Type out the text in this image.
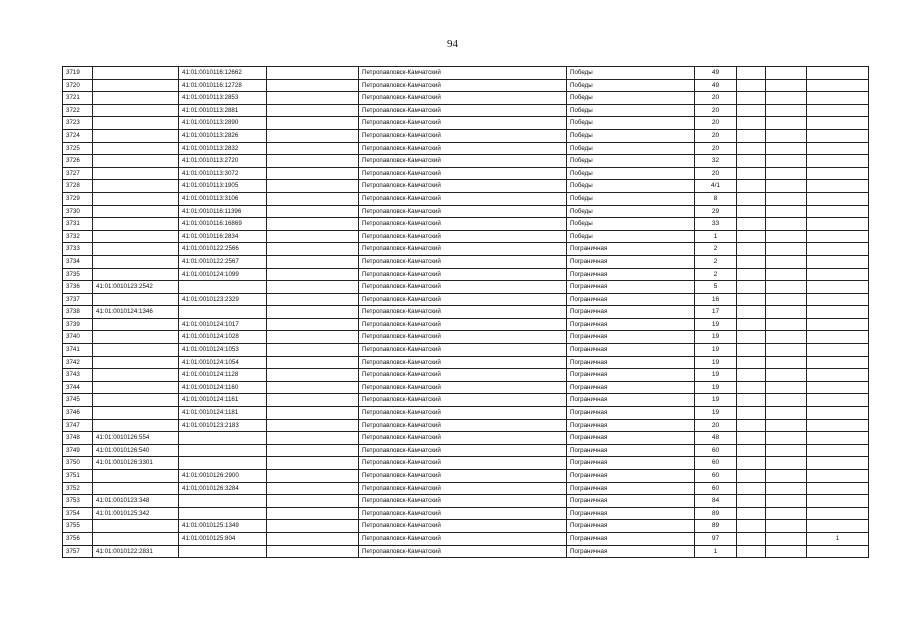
94
3719		41:01:0010116:12662		Петропавловск-Камчатский	Победы	49			
3720		41:01:0010116:12728		Петропавловск-Камчатский	Победы	49			
3721		41:01:0010113:2853		Петропавловск-Камчатский	Победы	20			
3722		41:01:0010113:2881		Петропавловск-Камчатский	Победы	20			
3723		41:01:0010113:2890		Петропавловск-Камчатский	Победы	20			
3724		41:01:0010113:2826		Петропавловск-Камчатский	Победы	20			
3725		41:01:0010113:2832		Петропавловск-Камчатский	Победы	20			
3726		41:01:0010113:2720		Петропавловск-Камчатский	Победы	32			
3727		41:01:0010113:3072		Петропавловск-Камчатский	Победы	20			
3728		41:01:0010113:1905		Петропавловск-Камчатский	Победы	4/1			
3729		41:01:0010113:3106		Петропавловск-Камчатский	Победы	8			
3730		41:01:0010116:11396		Петропавловск-Камчатский	Победы	29			
3731		41:01:0010116:16869		Петропавловск-Камчатский	Победы	33			
3732		41:01:0010116:2834		Петропавловск-Камчатский	Победы	1			
3733		41:01:0010122:2566		Петропавловск-Камчатский	Пограничная	2			
3734		41:01:0010122:2567		Петропавловск-Камчатский	Пограничная	2			
3735		41:01:0010124:1099		Петропавловск-Камчатский	Пограничная	2			
3736	41:01:0010123:2542			Петропавловск-Камчатский	Пограничная	5			
3737		41:01:0010123:2329		Петропавловск-Камчатский	Пограничная	16			
3738	41:01:0010124:1346			Петропавловск-Камчатский	Пограничная	17			
3739		41:01:0010124:1017		Петропавловск-Камчатский	Пограничная	19			
3740		41:01:0010124:1028		Петропавловск-Камчатский	Пограничная	19			
3741		41:01:0010124:1053		Петропавловск-Камчатский	Пограничная	19			
3742		41:01:0010124:1054		Петропавловск-Камчатский	Пограничная	19			
3743		41:01:0010124:1128		Петропавловск-Камчатский	Пограничная	19			
3744		41:01:0010124:1160		Петропавловск-Камчатский	Пограничная	19			
3745		41:01:0010124:1161		Петропавловск-Камчатский	Пограничная	19			
3746		41:01:0010124:1181		Петропавловск-Камчатский	Пограничная	19			
3747		41:01:0010123:2183		Петропавловск-Камчатский	Пограничная	20			
3748	41:01:0010126:554			Петропавловск-Камчатский	Пограничная	48			
3749	41:01:0010126:540			Петропавловск-Камчатский	Пограничная	60			
3750	41:01:0010126:3301			Петропавловск-Камчатский	Пограничная	60			
3751		41:01:0010126:2900		Петропавловск-Камчатский	Пограничная	60			
3752		41:01:0010126:3284		Петропавловск-Камчатский	Пограничная	60			
3753	41:01:0010123:348			Петропавловск-Камчатский	Пограничная	84			
3754	41:01:0010125:342			Петропавловск-Камчатский	Пограничная	89			
3755		41:01:0010125:1349		Петропавловск-Камчатский	Пограничная	89			
3756		41:01:0010125:804		Петропавловск-Камчатский	Пограничная	97			1
3757	41:01:0010122:2831			Петропавловск-Камчатский	Пограничная	1			
